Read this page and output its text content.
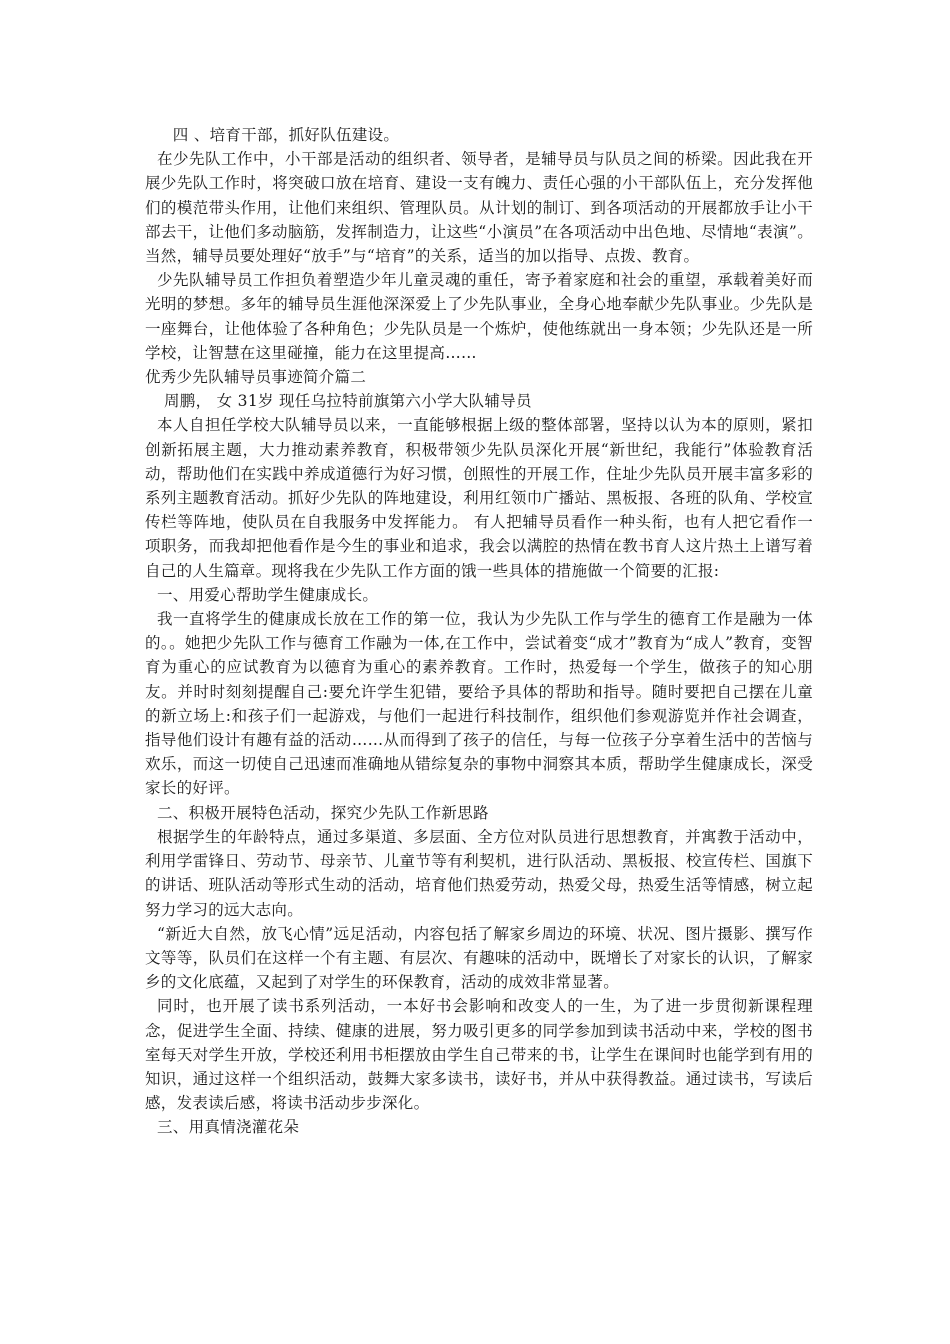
　四 、培育干部，抓好队伍建设。

在少先队工作中，小干部是活动的组织者、领导者，是辅导员与队员之间的桥梁。因此我在开展少先队工作时，将突破口放在培育、建设一支有魄力、责任心强的小干部队伍上，充分发挥他们的模范带头作用，让他们来组织、管理队员。从计划的制订、到各项活动的开展都放手让小干部去干，让他们多动脑筋，发挥制造力，让这些“小演员”在各项活动中出色地、尽情地“表演”。 当然，辅导员要处理好“放手”与“培育”的关系，适当的加以指导、点拨、教育。

少先队辅导员工作担负着塑造少年儿童灵魂的重任，寄予着家庭和社会的重望，承载着美好而光明的梦想。多年的辅导员生涯他深深爱上了少先队事业，全身心地奉献少先队事业。少先队是一座舞台，让他体验了各种角色；少先队员是一个炼炉，使他练就出一身本领；少先队还是一所学校，让智慧在这里碰撞，能力在这里提高……

优秀少先队辅导员事迹简介篇二

周鹏， 女 31岁 现任乌拉特前旗第六小学大队辅导员

本人自担任学校大队辅导员以来，一直能够根据上级的整体部署，坚持以认为本的原则，紧扣创新拓展主题，大力推动素养教育，积极带领少先队员深化开展“新世纪，我能行”体验教育活动，帮助他们在实践中养成道德行为好习惯，创照性的开展工作，住址少先队员开展丰富多彩的系列主题教育活动。抓好少先队的阵地建设，利用红领巾广播站、黑板报、各班的队角、学校宣传栏等阵地，使队员在自我服务中发挥能力。 有人把辅导员看作一种头衔，也有人把它看作一项职务，而我却把他看作是今生的事业和追求，我会以满腔的热情在教书育人这片热土上谱写着自己的人生篇章。现将我在少先队工作方面的饿一些具体的措施做一个简要的汇报:

一、用爱心帮助学生健康成长。

我一直将学生的健康成长放在工作的第一位，我认为少先队工作与学生的德育工作是融为一体的。。她把少先队工作与德育工作融为一体,在工作中，尝试着变“成才”教育为“成人”教育，变智育为重心的应试教育为以德育为重心的素养教育。工作时，热爱每一个学生，做孩子的知心朋友。并时时刻刻提醒自己:要允许学生犯错，要给予具体的帮助和指导。随时要把自己摆在儿童的新立场上:和孩子们一起游戏，与他们一起进行科技制作，组织他们参观游览并作社会调查，指导他们设计有趣有益的活动……从而得到了孩子的信任，与每一位孩子分享着生活中的苦恼与欢乐，而这一切使自己迅速而准确地从错综复杂的事物中洞察其本质，帮助学生健康成长，深受家长的好评。

二、积极开展特色活动，探究少先队工作新思路

根据学生的年龄特点，通过多渠道、多层面、全方位对队员进行思想教育，并寓教于活动中，利用学雷锋日、劳动节、母亲节、儿童节等有利契机，进行队活动、黑板报、校宣传栏、国旗下的讲话、班队活动等形式生动的活动，培育他们热爱劳动，热爱父母，热爱生活等情感，树立起努力学习的远大志向。

“新近大自然，放飞心情”远足活动，内容包括了解家乡周边的环境、状况、图片摄影、撰写作文等等，队员们在这样一个有主题、有层次、有趣味的活动中，既增长了对家长的认识，了解家乡的文化底蕴，又起到了对学生的环保教育，活动的成效非常显著。

同时，也开展了读书系列活动，一本好书会影响和改变人的一生，为了进一步贯彻新课程理念，促进学生全面、持续、健康的进展，努力吸引更多的同学参加到读书活动中来，学校的图书室每天对学生开放，学校还利用书柜摆放由学生自己带来的书，让学生在课间时也能学到有用的知识，通过这样一个组织活动，鼓舞大家多读书，读好书，并从中获得教益。通过读书，写读后感，发表读后感，将读书活动步步深化。

三、用真情浇灌花朵
